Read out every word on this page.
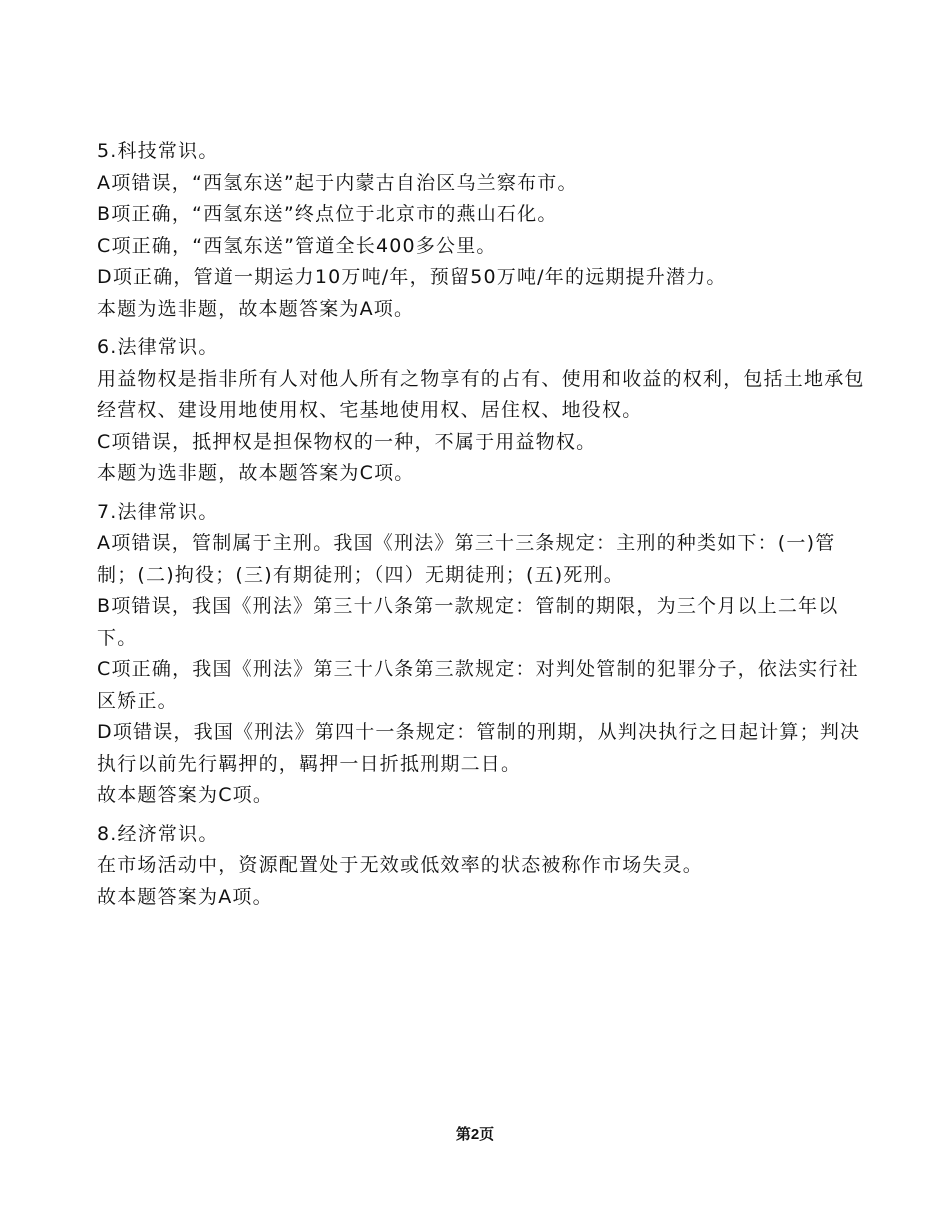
5.科技常识。

A项错误，“西氢东送”起于内蒙古自治区乌兰察布市。

B项正确，“西氢东送”终点位于北京市的燕山石化。

C项正确，“西氢东送”管道全长400多公里。

D项正确，管道一期运力10万吨/年，预留50万吨/年的远期提升潜力。

本题为选非题，故本题答案为A项。

6.法律常识。

用益物权是指非所有人对他人所有之物享有的占有、使用和收益的权利，包括土地承包经营权、建设用地使用权、宅基地使用权、居住权、地役权。

C项错误，抵押权是担保物权的一种，不属于用益物权。

本题为选非题，故本题答案为C项。

7.法律常识。

A项错误，管制属于主刑。我国《刑法》第三十三条规定：主刑的种类如下：(一)管制；(二)拘役；(三)有期徒刑；（四）无期徒刑；(五)死刑。

B项错误，我国《刑法》第三十八条第一款规定：管制的期限，为三个月以上二年以下。

C项正确，我国《刑法》第三十八条第三款规定：对判处管制的犯罪分子，依法实行社区矫正。

D项错误，我国《刑法》第四十一条规定：管制的刑期，从判决执行之日起计算；判决执行以前先行羁押的，羁押一日折抵刑期二日。

故本题答案为C项。

8.经济常识。

在市场活动中，资源配置处于无效或低效率的状态被称作市场失灵。

故本题答案为A项。

第2页
